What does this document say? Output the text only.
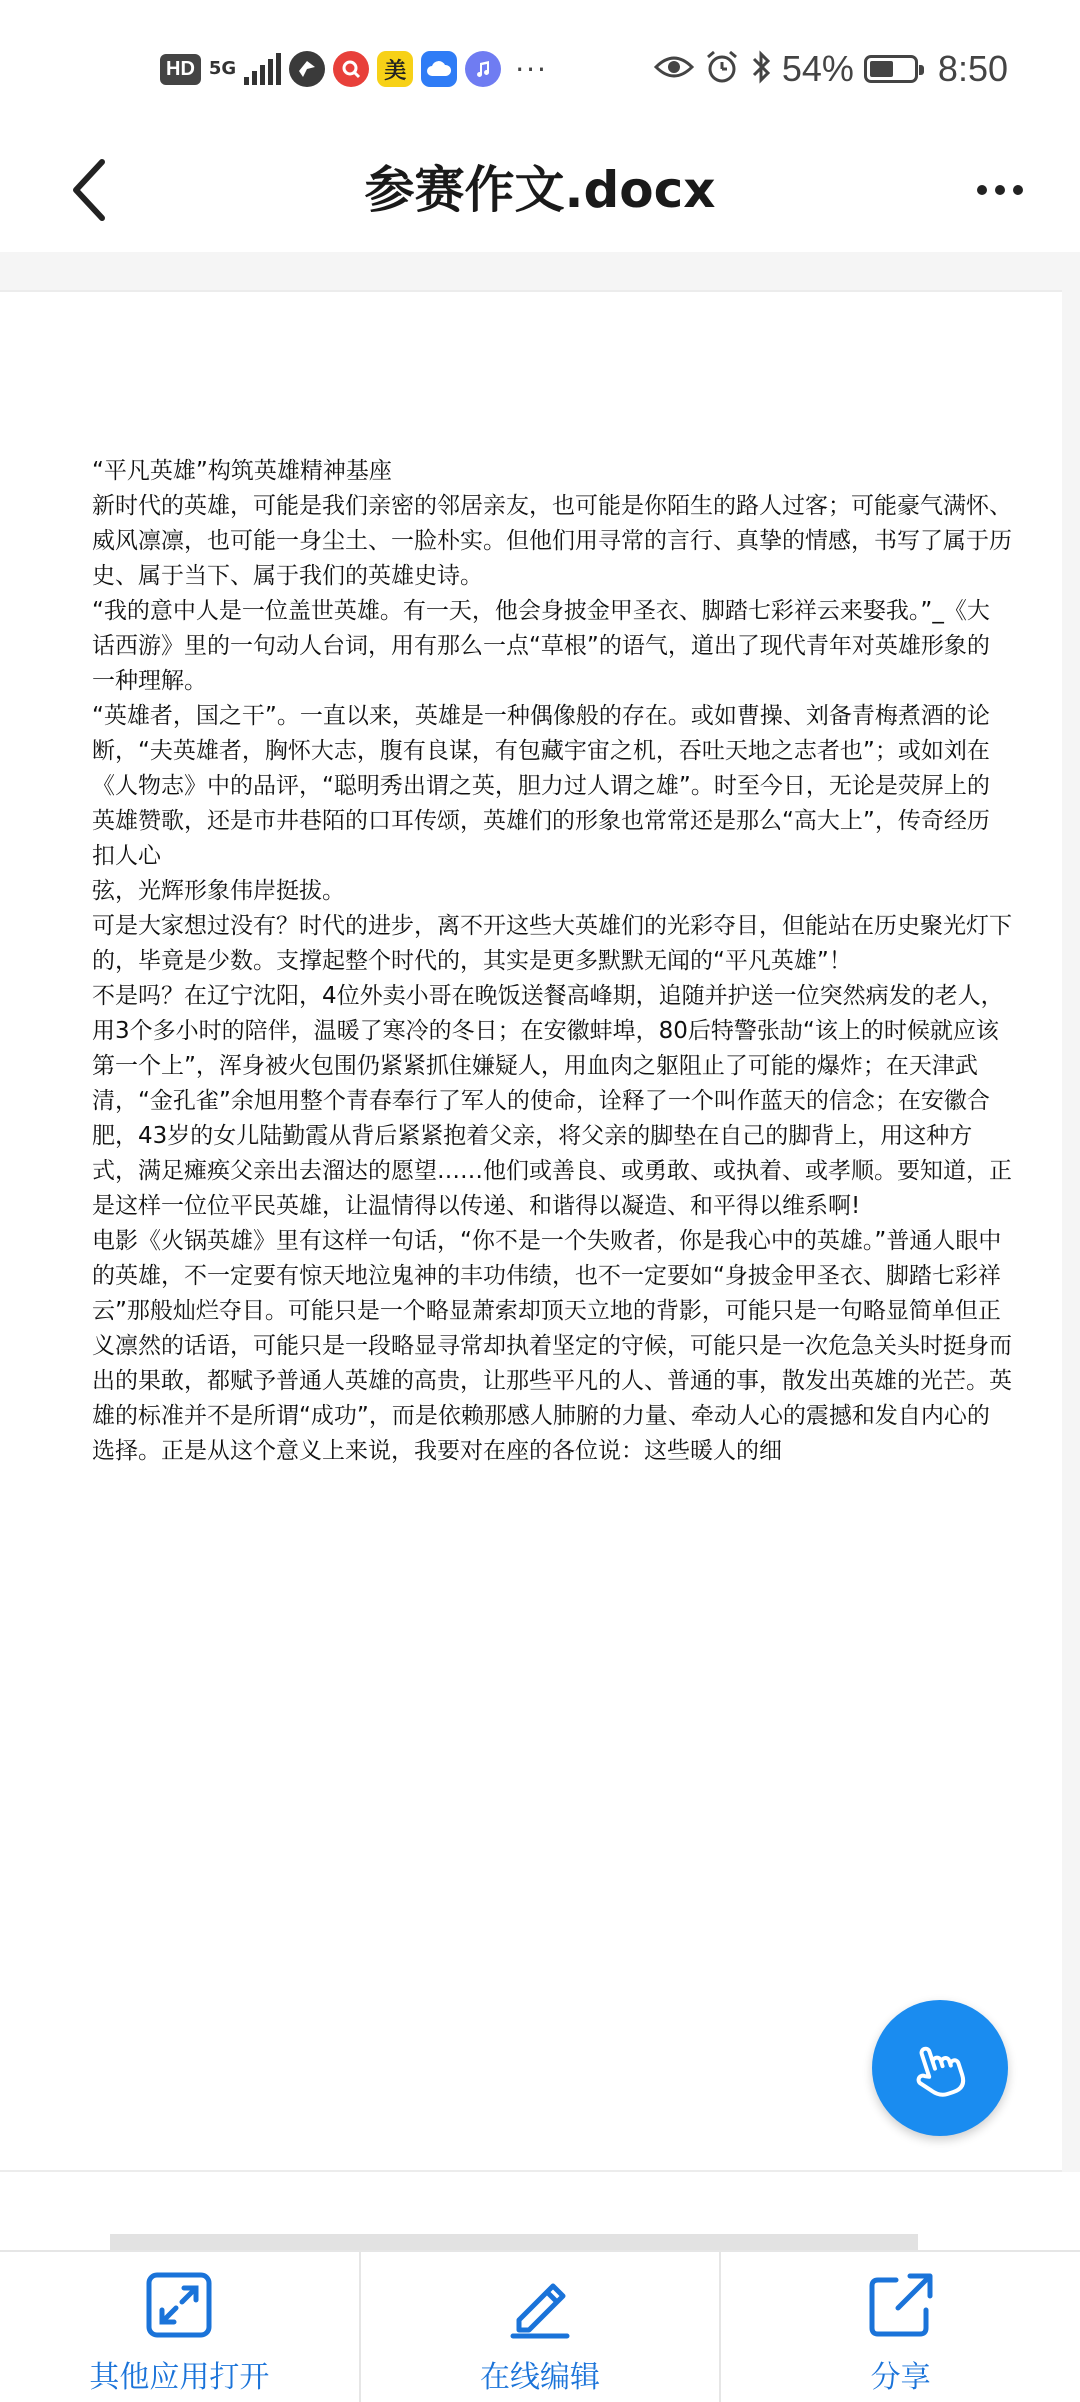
HD 5G	美	···	54% 8:50
参赛作文.docx

“平凡英雄”构筑英雄精神基座

新时代的英雄，可能是我们亲密的邻居亲友，也可能是你陌生的路人过客；可能豪气满怀、威风凛凛，也可能一身尘土、一脸朴实。但他们用寻常的言行、真挚的情感，书写了属于历史、属于当下、属于我们的英雄史诗。

“我的意中人是一位盖世英雄。有一天，他会身披金甲圣衣、脚踏七彩祥云来娶我。”_《大话西游》里的一句动人台词，用有那么一点“草根”的语气，道出了现代青年对英雄形象的一种理解。

“英雄者，国之干”。一直以来，英雄是一种偶像般的存在。或如曹操、刘备青梅煮酒的论断，“夫英雄者，胸怀大志，腹有良谋，有包藏宇宙之机，吞吐天地之志者也”；或如刘在《人物志》中的品评，“聪明秀出谓之英，胆力过人谓之雄”。时至今日，无论是荧屏上的英雄赞歌，还是市井巷陌的口耳传颂，英雄们的形象也常常还是那么“高大上”，传奇经历扣人心

弦，光辉形象伟岸挺拔。

可是大家想过没有？时代的进步，离不开这些大英雄们的光彩夺目，但能站在历史聚光灯下的，毕竟是少数。支撑起整个时代的，其实是更多默默无闻的“平凡英雄”！

不是吗？在辽宁沈阳，4位外卖小哥在晚饭送餐高峰期，追随并护送一位突然病发的老人，用3个多小时的陪伴，温暖了寒冷的冬日；在安徽蚌埠，80后特警张劼“该上的时候就应该第一个上”，浑身被火包围仍紧紧抓住嫌疑人，用血肉之躯阻止了可能的爆炸；在天津武清，“金孔雀”余旭用整个青春奉行了军人的使命，诠释了一个叫作蓝天的信念；在安徽合肥，43岁的女儿陆勤霞从背后紧紧抱着父亲，将父亲的脚垫在自己的脚背上，用这种方式，满足瘫痪父亲出去溜达的愿望……他们或善良、或勇敢、或执着、或孝顺。要知道，正是这样一位位平民英雄，让温情得以传递、和谐得以凝造、和平得以维系啊!

电影《火锅英雄》里有这样一句话，“你不是一个失败者，你是我心中的英雄。”普通人眼中的英雄，不一定要有惊天地泣鬼神的丰功伟绩，也不一定要如“身披金甲圣衣、脚踏七彩祥云”那般灿烂夺目。可能只是一个略显萧索却顶天立地的背影，可能只是一句略显简单但正义凛然的话语，可能只是一段略显寻常却执着坚定的守候，可能只是一次危急关头时挺身而出的果敢，都赋予普通人英雄的高贵，让那些平凡的人、普通的事，散发出英雄的光芒。英雄的标准并不是所谓“成功”，而是依赖那感人肺腑的力量、牵动人心的震撼和发自内心的选择。正是从这个意义上来说，我要对在座的各位说：这些暖人的细

其他应用打开	在线编辑	分享
